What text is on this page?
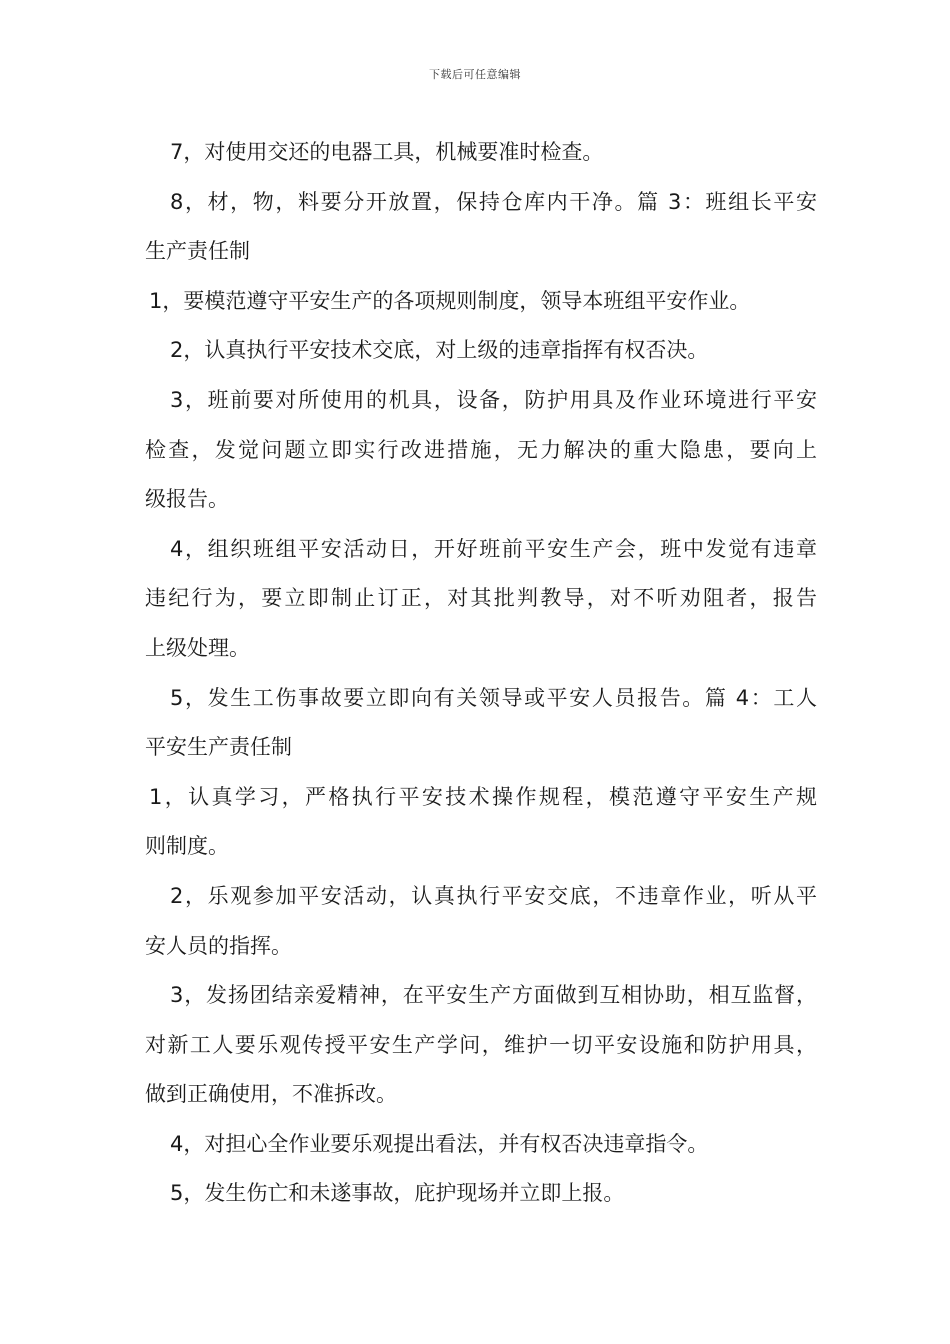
下载后可任意编辑
7，对使用交还的电器工具，机械要准时检查。
8，材，物，料要分开放置，保持仓库内干净。篇 3：班组长平安
生产责任制
1，要模范遵守平安生产的各项规则制度，领导本班组平安作业。
2，认真执行平安技术交底，对上级的违章指挥有权否决。
3，班前要对所使用的机具，设备，防护用具及作业环境进行平安
检查，发觉问题立即实行改进措施，无力解决的重大隐患，要向上
级报告。
4，组织班组平安活动日，开好班前平安生产会，班中发觉有违章
违纪行为，要立即制止订正，对其批判教导，对不听劝阻者，报告
上级处理。
5，发生工伤事故要立即向有关领导或平安人员报告。篇 4：工人
平安生产责任制
1，认真学习，严格执行平安技术操作规程，模范遵守平安生产规
则制度。
2，乐观参加平安活动，认真执行平安交底，不违章作业，听从平
安人员的指挥。
3，发扬团结亲爱精神，在平安生产方面做到互相协助，相互监督，
对新工人要乐观传授平安生产学问，维护一切平安设施和防护用具，
做到正确使用，不准拆改。
4，对担心全作业要乐观提出看法，并有权否决违章指令。
5，发生伤亡和未遂事故，庇护现场并立即上报。
